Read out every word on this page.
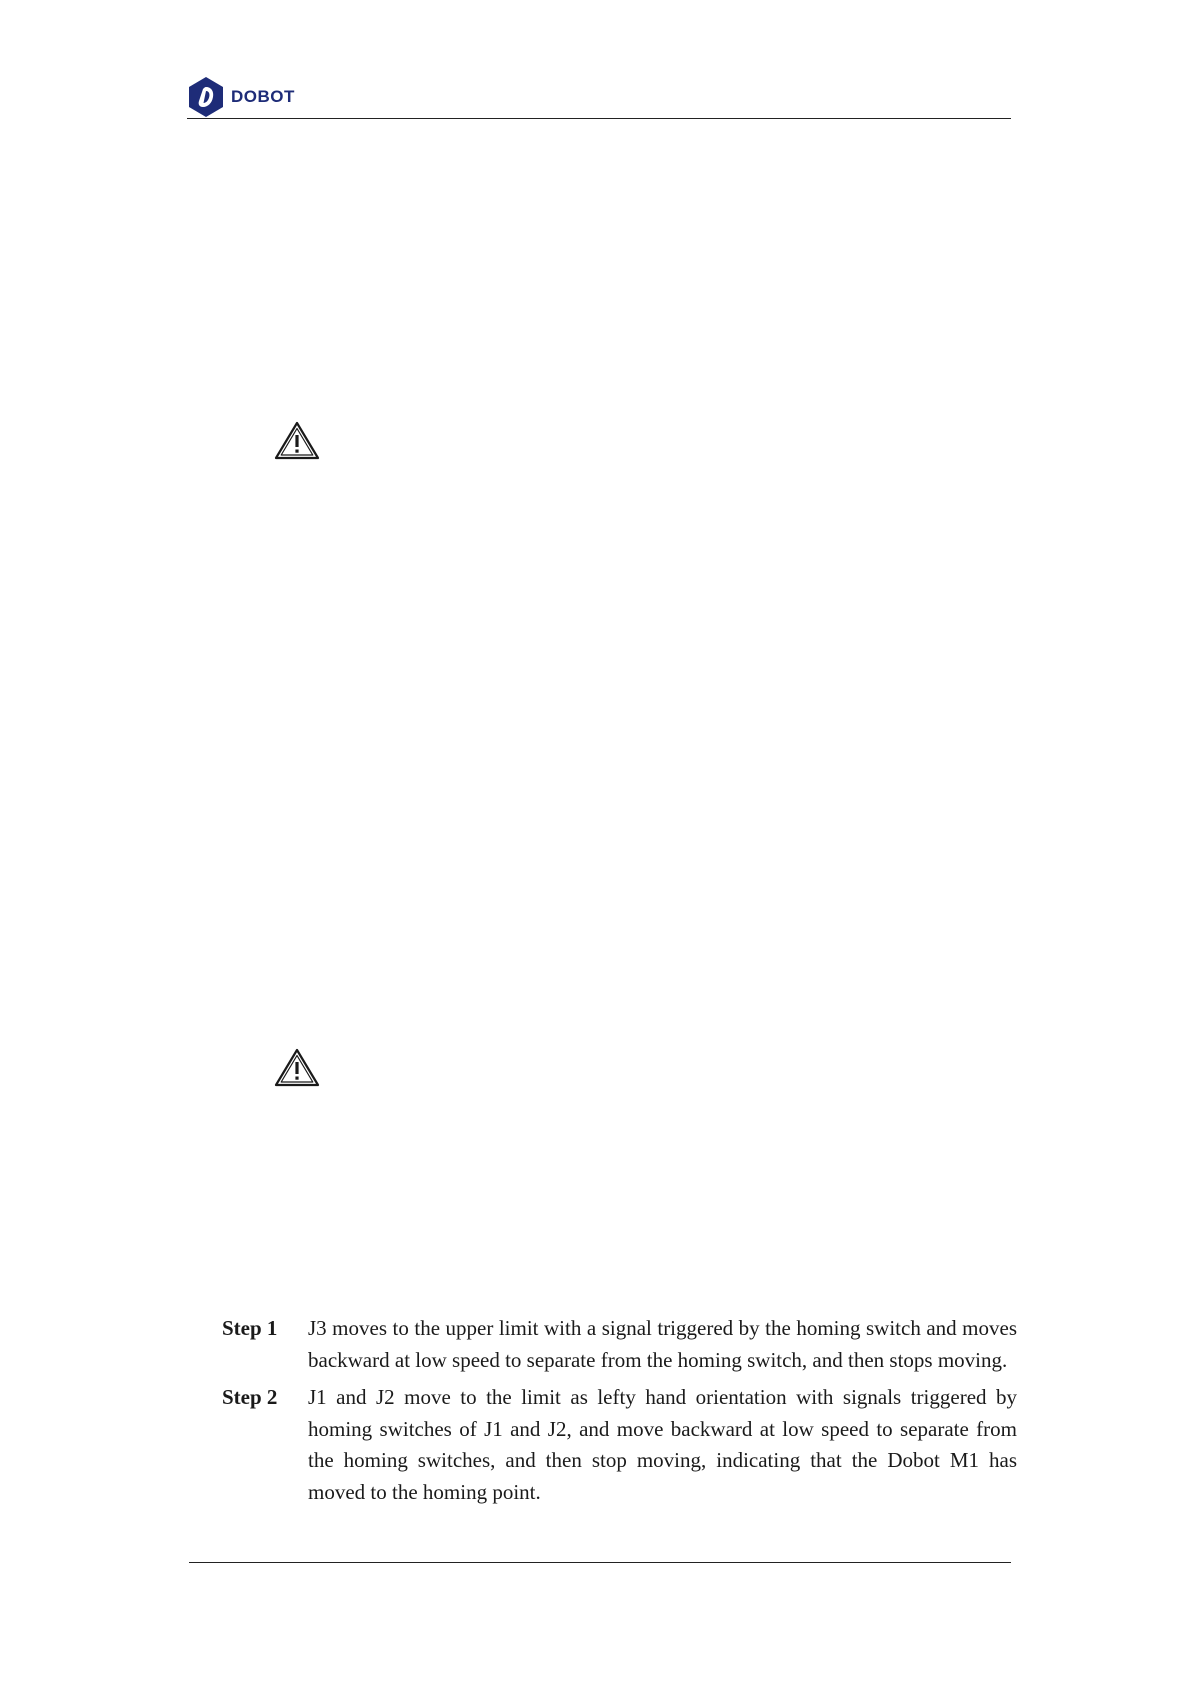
DOBOT
Step 1	J3 moves to the upper limit with a signal triggered by the homing switch and moves backward at low speed to separate from the homing switch, and then stops moving.
Step 2	J1 and J2 move to the limit as lefty hand orientation with signals triggered by homing switches of J1 and J2, and move backward at low speed to separate from the homing switches, and then stop moving, indicating that the Dobot M1 has moved to the homing point.
